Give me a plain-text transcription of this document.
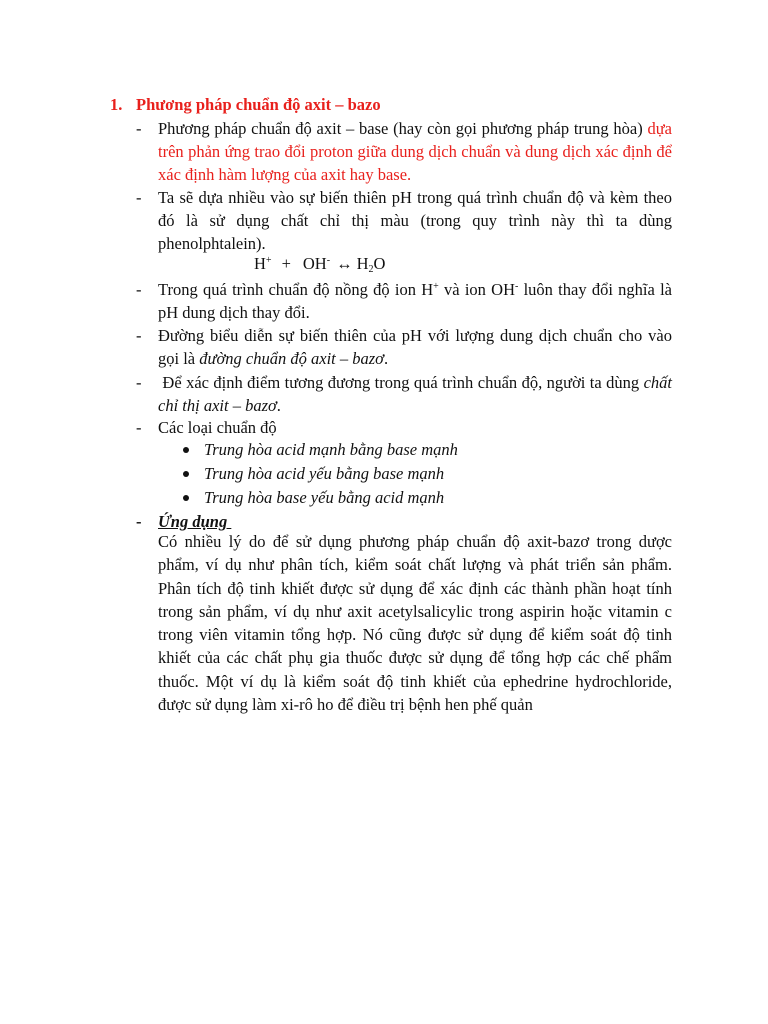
1. Phương pháp chuẩn độ axit – bazo
-	Phương pháp chuẩn độ axit – base (hay còn gọi phương pháp trung hòa) dựa trên phản ứng trao đổi proton giữa dung dịch chuẩn và dung dịch xác định để xác định hàm lượng của axit hay base.
-	Ta sẽ dựa nhiều vào sự biến thiên pH trong quá trình chuẩn độ và kèm theo đó là sử dụng chất chỉ thị màu (trong quy trình này thì ta dùng phenolphtalein).
H+ + OH- ↔ $H_2O$
-	Trong quá trình chuẩn độ nồng độ ion H+ và ion OH- luôn thay đổi nghĩa là pH dung dịch thay đổi.
-	Đường biểu diễn sự biến thiên của pH với lượng dung dịch chuẩn cho vào gọi là đường chuẩn độ axit – bazơ.
-	Để xác định điểm tương đương trong quá trình chuẩn độ, người ta dùng chất chỉ thị axit – bazơ.
-	Các loại chuẩn độ
Trung hòa acid mạnh bằng base mạnh
Trung hòa acid yếu bằng base mạnh
Trung hòa base yếu bằng acid mạnh
-	Ứng dụng
Có nhiều lý do để sử dụng phương pháp chuẩn độ axit-bazơ trong dược phẩm, ví dụ như phân tích, kiểm soát chất lượng và phát triển sản phẩm. Phân tích độ tinh khiết được sử dụng để xác định các thành phần hoạt tính trong sản phẩm, ví dụ như axit acetylsalicylic trong aspirin hoặc vitamin c trong viên vitamin tổng hợp. Nó cũng được sử dụng để kiểm soát độ tinh khiết của các chất phụ gia thuốc được sử dụng để tổng hợp các chế phẩm thuốc. Một ví dụ là kiểm soát độ tinh khiết của ephedrine hydrochloride, được sử dụng làm xi-rô ho để điều trị bệnh hen phế quản
